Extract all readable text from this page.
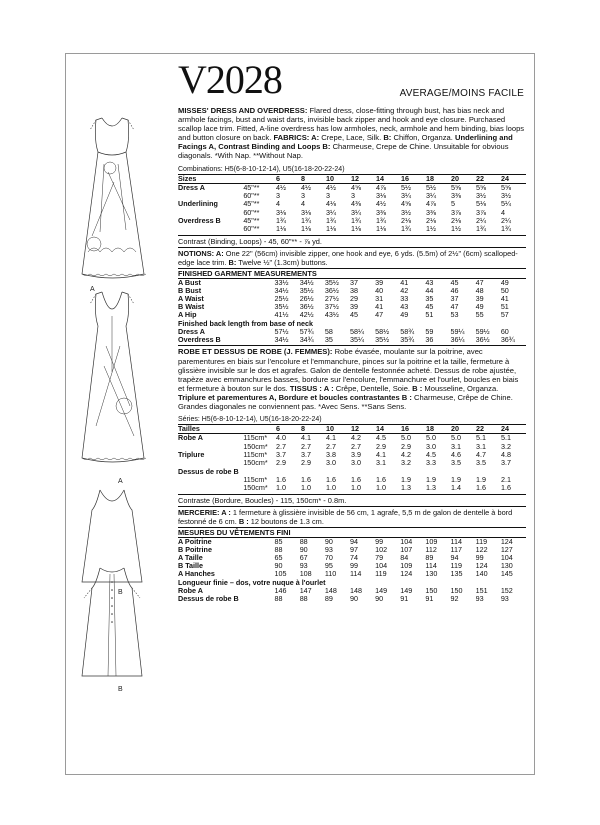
A
A
B
B
V2028	AVERAGE/MOINS FACILE

MISSES' DRESS AND OVERDRESS: Flared dress, close-fitting through bust, has bias neck and armhole facings, bust and waist darts, invisible back zipper and hook and eye closure. Purchased scallop lace trim. Fitted, A-line overdress has low armholes, neck, armhole and hem binding, bias loops and button closure on back. FABRICS: A: Crepe, Lace, Silk. B: Chiffon, Organza. Underlining and Facings A, Contrast Binding and Loops B: Charmeuse, Crepe de Chine. Unsuitable for obvious diagonals. *With Nap. **Without Nap.

Combinations: H5(6-8-10-12-14), U5(16-18-20-22-24)
Sizes		6	8	10	12	14	16	18	20	22	24
Dress A	45"**	4½	4½	4½	4⅝	4⅞	5½	5½	5⅝	5⅝	5⅝
	60"**	3	3	3	3	3⅛	3¼	3¼	3⅜	3½	3½
Underlining	45"**	4	4	4⅛	4⅜	4½	4⅝	4⅞	5	5⅛	5¼
	60"**	3⅛	3⅛	3¼	3¼	3⅜	3½	3⅜	3⅞	3⅞	4
Overdress B	45"**	1¾	1¾	1¾	1¾	1¾	2⅛	2⅛	2⅛	2¼	2¼
	60"**	1⅛	1⅛	1⅛	1⅛	1⅛	1¾	1½	1½	1¾	1¾
Contrast (Binding, Loops) - 45, 60"** - ⅞ yd.
NOTIONS: A: One 22" (56cm) invisible zipper, one hook and eye, 6 yds. (5.5m) of 2½" (6cm) scalloped-edge lace trim. B: Twelve ½" (1.3cm) buttons.
FINISHED GARMENT MEASUREMENTS
A Bust	33½	34½	35½	37	39	41	43	45	47	49
B Bust	34½	35½	36½	38	40	42	44	46	48	50
A Waist	25½	26½	27½	29	31	33	35	37	39	41
B Waist	35½	36½	37½	39	41	43	45	47	49	51
A Hip	41½	42½	43½	45	47	49	51	53	55	57
Finished back length from base of neck
Dress A	57½	57¾	58	58¼	58½	58¾	59	59¼	59½	60
Overdress B	34½	34¾	35	35¼	35½	35¾	36	36¼	36½	36¾

ROBE ET DESSUS DE ROBE (J. FEMMES): Robe évasée, moulante sur la poitrine, avec parementures en biais sur l'encolure et l'emmanchure, pinces sur la poitrine et la taille, fermeture à glissière invisible sur le dos et agrafes. Galon de dentelle festonnée acheté. Dessus de robe ajustée, trapèze avec emmanchures basses, bordure sur l'encolure, l'emmanchure et l'ourlet, boucles en biais et fermeture à bouton sur le dos. TISSUS : A : Crêpe, Dentelle, Soie. B : Mousseline, Organza. Triplure et parementures A, Bordure et boucles contrastantes B : Charmeuse, Crêpe de Chine. Grandes diagonales ne conviennent pas. *Avec Sens. **Sans Sens.

Séries: H5(6-8-10-12-14), U5(16-18-20-22-24)
Tailles		6	8	10	12	14	16	18	20	22	24
Robe A	115cm*	4.0	4.1	4.1	4.2	4.5	5.0	5.0	5.0	5.1	5.1
	150cm*	2.7	2.7	2.7	2.7	2.9	2.9	3.0	3.1	3.1	3.2
Triplure	115cm*	3.7	3.7	3.8	3.9	4.1	4.2	4.5	4.6	4.7	4.8
	150cm*	2.9	2.9	3.0	3.0	3.1	3.2	3.3	3.5	3.5	3.7
Dessus de robe B
	115cm*	1.6	1.6	1.6	1.6	1.6	1.9	1.9	1.9	1.9	2.1
	150cm*	1.0	1.0	1.0	1.0	1.0	1.3	1.3	1.4	1.6	1.6
Contraste (Bordure, Boucles) - 115, 150cm* - 0.8m.
MERCERIE: A : 1 fermeture à glissière invisible de 56 cm, 1 agrafe, 5,5 m de galon de dentelle à bord festonné de 6 cm. B : 12 boutons de 1.3 cm.
MESURES DU VÊTEMENTS FINI
A Poitrine	85	88	90	94	99	104	109	114	119	124
B Poitrine	88	90	93	97	102	107	112	117	122	127
A Taille	65	67	70	74	79	84	89	94	99	104
B Taille	90	93	95	99	104	109	114	119	124	130
A Hanches	105	108	110	114	119	124	130	135	140	145
Longueur finie – dos, votre nuque à l'ourlet
Robe A	146	147	148	148	149	149	150	150	151	152
Dessus de robe B	88	88	89	90	90	91	91	92	93	93
